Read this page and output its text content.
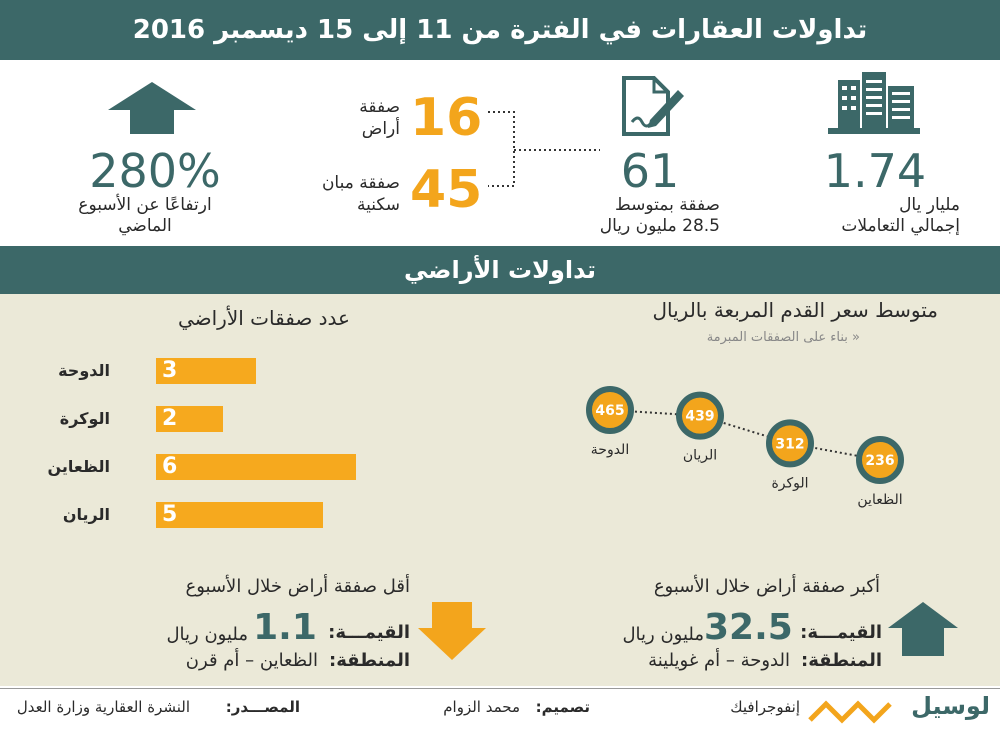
تداولات العقارات في الفترة من 11 إلى 15 ديسمبر 2016
1.74
مليار يال
إجمالي التعاملات
61
صفقة بمتوسط
28.5 مليون ريال
16
صفقة
أراض
45
صفقة مبان
سكنية
280%
ارتفاعًا عن الأسبوع
الماضي
تداولات الأراضي
عدد صفقات الأراضي
الدوحة 3
الوكرة 2
الظعاين 6
الريان 5
متوسط سعر القدم المربعة بالريال
« بناء على الصفقات المبرمة
465
الدوحة
439
الريان
312
الوكرة
236
الظعاين
أقل صفقة أراض خلال الأسبوع
القيمـــة:
1.1
مليون ريال
المنطقة:
الظعاين – أم قرن
أكبر صفقة أراض خلال الأسبوع
القيمـــة:
32.5
مليون ريال
المنطقة:
الدوحة – أم غويلينة
المصـــدر:
النشرة العقارية وزارة العدل	تصميم:
محمد الزوام	إنفوجرافيك	لوسيل
